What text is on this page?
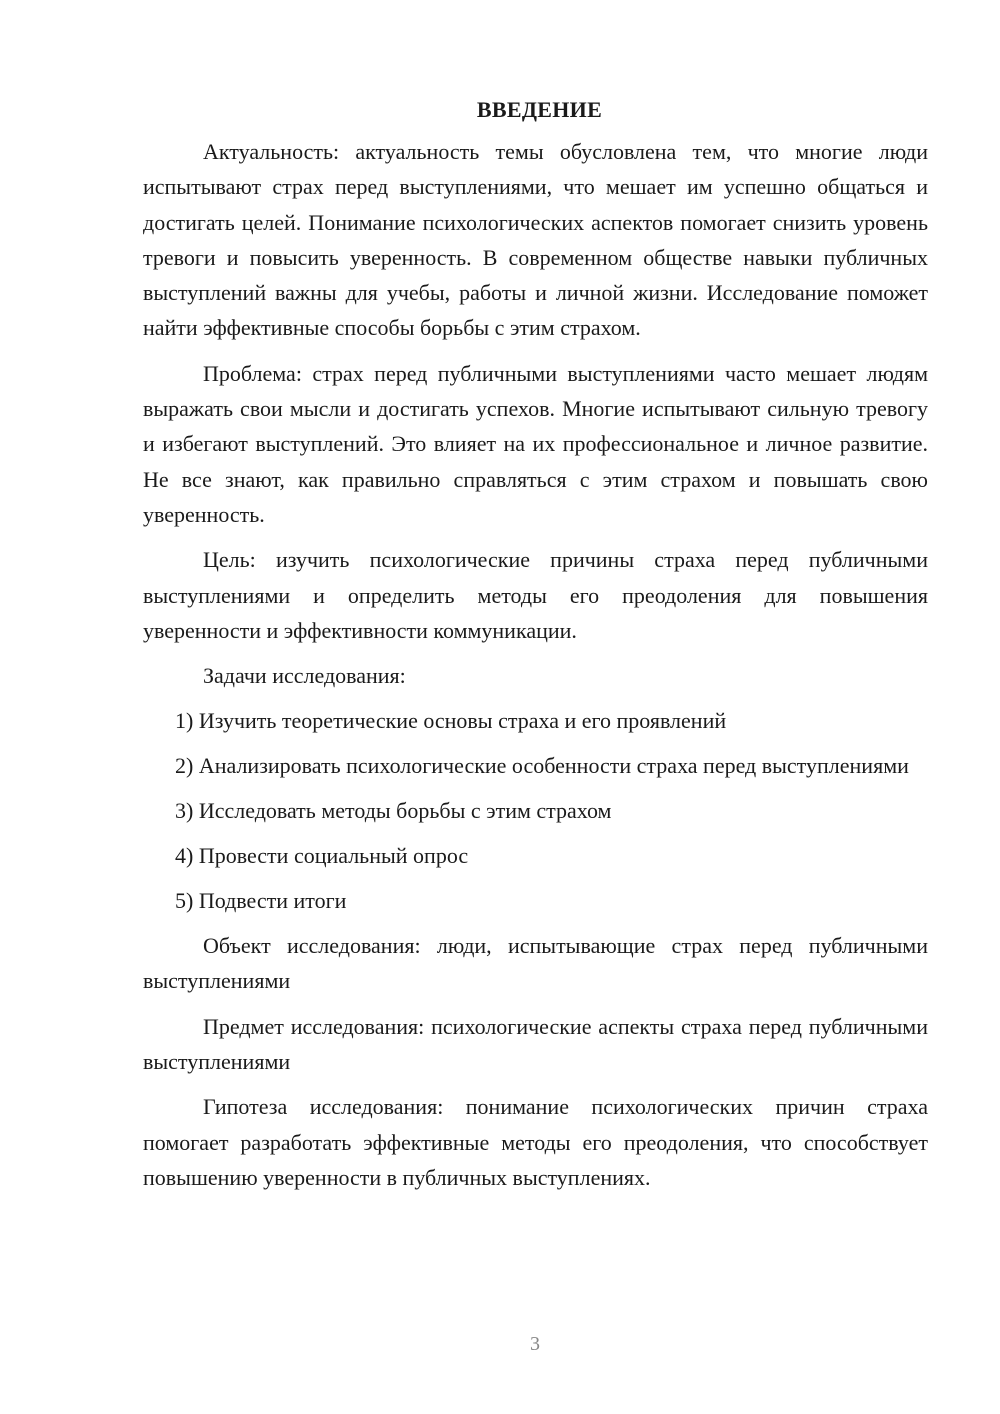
ВВЕДЕНИЕ

Актуальность: актуальность темы обусловлена тем, что многие люди испытывают страх перед выступлениями, что мешает им успешно общаться и достигать целей. Понимание психологических аспектов помогает снизить уровень тревоги и повысить уверенность. В современном обществе навыки публичных выступлений важны для учебы, работы и личной жизни. Исследование поможет найти эффективные способы борьбы с этим страхом.

Проблема: страх перед публичными выступлениями часто мешает людям выражать свои мысли и достигать успехов. Многие испытывают сильную тревогу и избегают выступлений. Это влияет на их профессиональное и личное развитие. Не все знают, как правильно справляться с этим страхом и повышать свою уверенность.

Цель: изучить психологические причины страха перед публичными выступлениями и определить методы его преодоления для повышения уверенности и эффективности коммуникации.

Задачи исследования:

1) Изучить теоретические основы страха и его проявлений

2) Анализировать психологические особенности страха перед выступлениями

3) Исследовать методы борьбы с этим страхом

4) Провести социальный опрос

5) Подвести итоги

Объект исследования: люди, испытывающие страх перед публичными выступлениями

Предмет исследования: психологические аспекты страха перед публичными выступлениями

Гипотеза исследования: понимание психологических причин страха помогает разработать эффективные методы его преодоления, что способствует повышению уверенности в публичных выступлениях.

3
